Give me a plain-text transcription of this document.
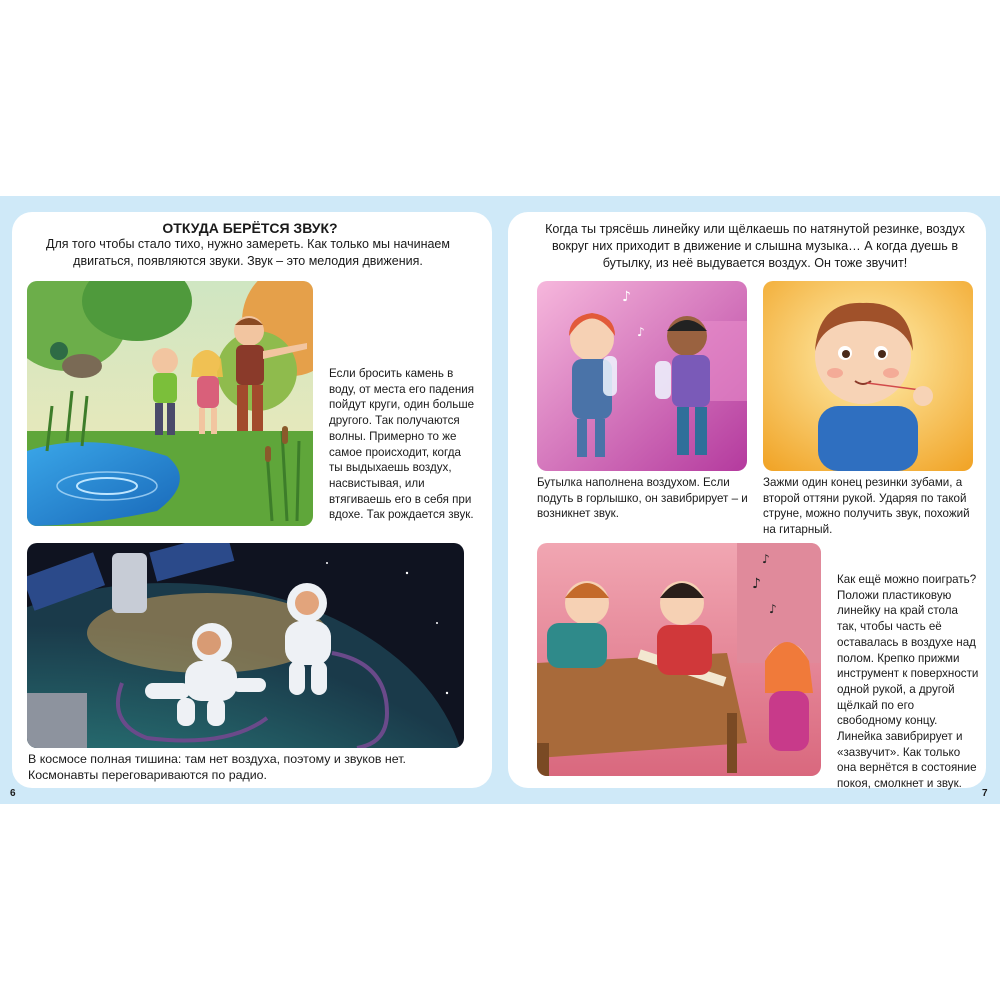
ОТКУДА БЕРЁТСЯ ЗВУК?
Для того чтобы стало тихо, нужно замереть. Как только мы начинаем двигаться, появляются звуки. Звук – это мелодия движения.
Если бросить камень в воду, от места его падения пойдут круги, один больше другого. Так получаются волны. Примерно то же самое происходит, когда ты выдыхаешь воздух, насвистывая, или втягиваешь его в себя при вдохе. Так рождается звук.
В космосе полная тишина: там нет воздуха, поэтому и звуков нет. Космонавты переговариваются по радио.
6
Когда ты трясёшь линейку или щёлкаешь по натянутой резинке, воздух вокруг них приходит в движение и слышна музыка… А когда дуешь в бутылку, из неё выдувается воздух. Он тоже звучит!
♪
♪
Бутылка наполнена воздухом. Если подуть в горлышко, он завибрирует – и возникнет звук.
Зажми один конец резинки зубами, а второй оттяни рукой. Ударяя по такой струне, можно получить звук, похожий на гитарный.
♪
♪
♪
Как ещё можно поиграть? Положи пластиковую линейку на край стола так, чтобы часть её оставалась в воздухе над полом. Крепко прижми инструмент к поверхности одной рукой, а другой щёлкай по его свободному концу. Линейка завибрирует и «зазвучит». Как только она вернётся в состояние покоя, смолкнет и звук.
7
